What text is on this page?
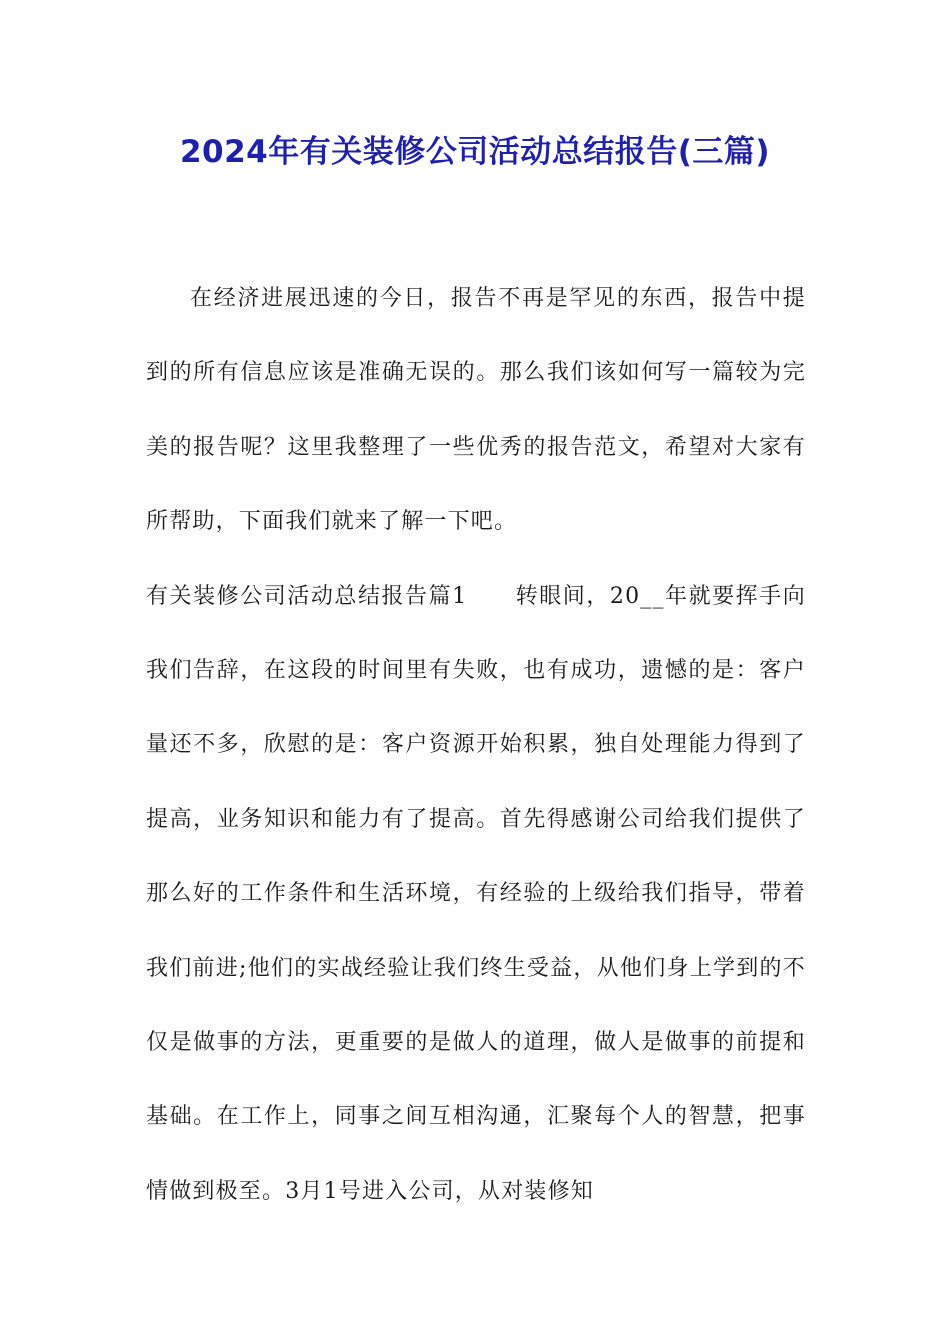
2024年有关装修公司活动总结报告(三篇)

在经济进展迅速的今日，报告不再是罕见的东西，报告中提到的所有信息应该是准确无误的。那么我们该如何写一篇较为完美的报告呢？这里我整理了一些优秀的报告范文，希望对大家有所帮助，下面我们就来了解一下吧。

有关装修公司活动总结报告篇1 转眼间，20__年就要挥手向我们告辞，在这段的时间里有失败，也有成功，遗憾的是：客户量还不多，欣慰的是：客户资源开始积累，独自处理能力得到了提高，业务知识和能力有了提高。首先得感谢公司给我们提供了那么好的工作条件和生活环境，有经验的上级给我们指导，带着我们前进;他们的实战经验让我们终生受益，从他们身上学到的不仅是做事的方法，更重要的是做人的道理，做人是做事的前提和基础。在工作上，同事之间互相沟通，汇聚每个人的智慧，把事情做到极至。3月1号进入公司，从对装修知
